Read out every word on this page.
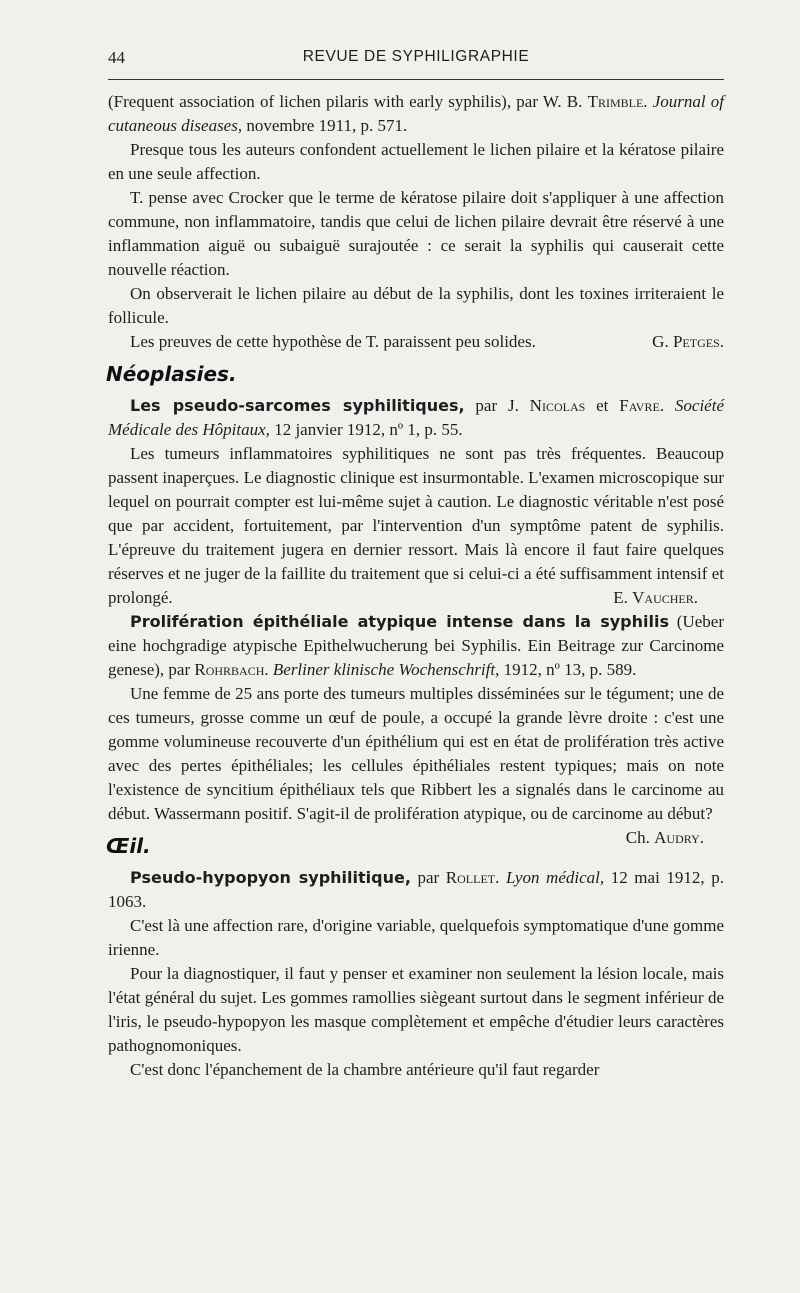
44	REVUE DE SYPHILIGRAPHIE

(Frequent association of lichen pilaris with early syphilis), par W. B. Trimble. Journal of cutaneous diseases, novembre 1911, p. 571.

Presque tous les auteurs confondent actuellement le lichen pilaire et la kératose pilaire en une seule affection.

T. pense avec Crocker que le terme de kératose pilaire doit s'appliquer à une affection commune, non inflammatoire, tandis que celui de lichen pilaire devrait être réservé à une inflammation aiguë ou subaiguë surajoutée : ce serait la syphilis qui causerait cette nouvelle réaction.

On observerait le lichen pilaire au début de la syphilis, dont les toxines irriteraient le follicule.

Les preuves de cette hypothèse de T. paraissent peu solides.	G. Petges.

Néoplasies.

Les pseudo-sarcomes syphilitiques, par J. Nicolas et Favre. Société Médicale des Hôpitaux, 12 janvier 1912, nº 1, p. 55.

Les tumeurs inflammatoires syphilitiques ne sont pas très fréquentes. Beaucoup passent inaperçues. Le diagnostic clinique est insurmontable. L'examen microscopique sur lequel on pourrait compter est lui-même sujet à caution. Le diagnostic véritable n'est posé que par accident, fortuitement, par l'intervention d'un symptôme patent de syphilis. L'épreuve du traitement jugera en dernier ressort. Mais là encore il faut faire quelques réserves et ne juger de la faillite du traitement que si celui-ci a été suffisamment intensif et prolongé.	E. Vaucher.

Prolifération épithéliale atypique intense dans la syphilis (Ueber eine hochgradige atypische Epithelwucherung bei Syphilis. Ein Beitrage zur Carcinome genese), par Rohrbach. Berliner klinische Wochenschrift, 1912, nº 13, p. 589.

Une femme de 25 ans porte des tumeurs multiples disséminées sur le tégument; une de ces tumeurs, grosse comme un œuf de poule, a occupé la grande lèvre droite : c'est une gomme volumineuse recouverte d'un épithélium qui est en état de prolifération très active avec des pertes épithéliales; les cellules épithéliales restent typiques; mais on note l'existence de syncitium épithéliaux tels que Ribbert les a signalés dans le carcinome au début. Wassermann positif. S'agit-il de prolifération atypique, ou de carcinome au début?
Ch. Audry.

Œil.

Pseudo-hypopyon syphilitique, par Rollet. Lyon médical, 12 mai 1912, p. 1063.

C'est là une affection rare, d'origine variable, quelquefois symptomatique d'une gomme irienne.

Pour la diagnostiquer, il faut y penser et examiner non seulement la lésion locale, mais l'état général du sujet. Les gommes ramollies siègeant surtout dans le segment inférieur de l'iris, le pseudo-hypopyon les masque complètement et empêche d'étudier leurs caractères pathognomoniques.

C'est donc l'épanchement de la chambre antérieure qu'il faut regarder
